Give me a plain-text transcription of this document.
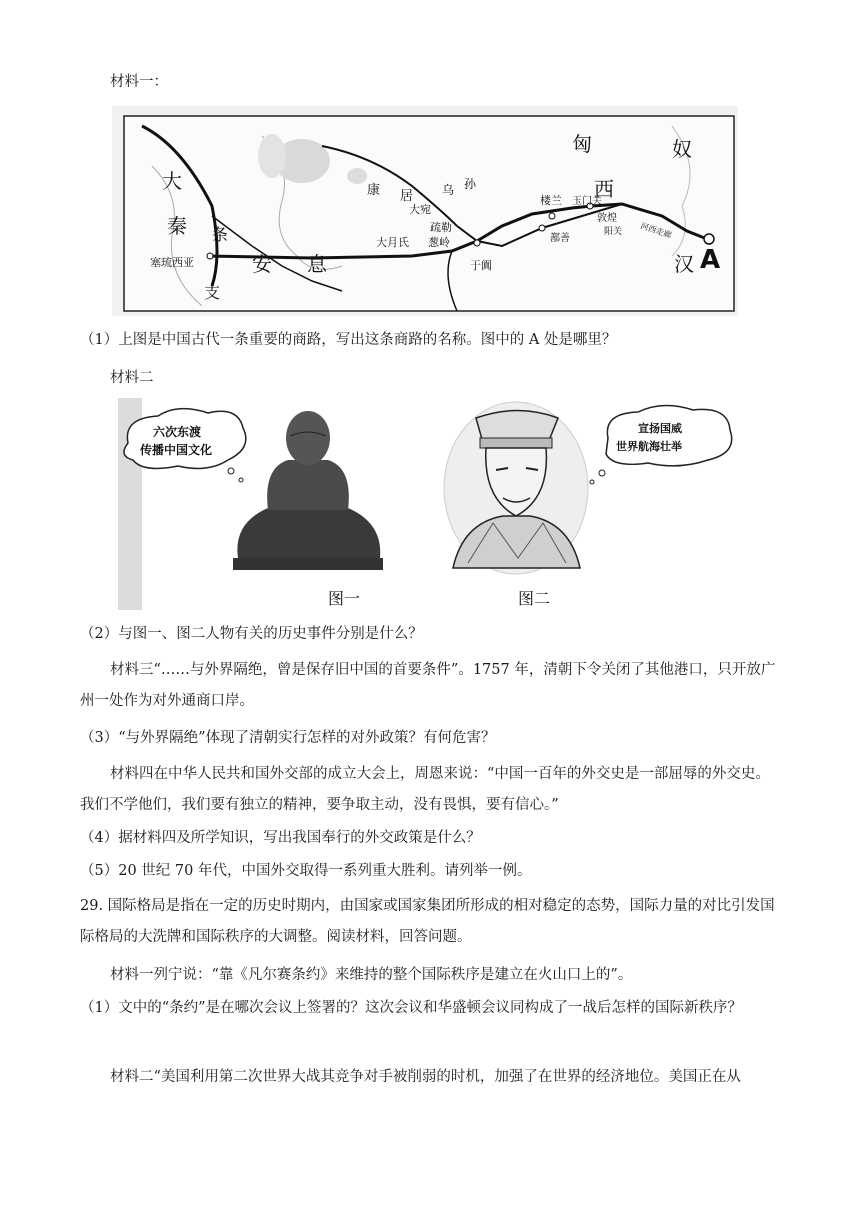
材料一：
大
秦 条
支
塞琉西亚	安 息
康 居 乌 孙
大宛
疏勒
大月氏 葱岭
于阗
楼兰 玉门关
敦煌
阳关
鄯善	河西走廊
匈	奴
西
汉 A
（1）上图是中国古代一条重要的商路，写出这条商路的名称。图中的 A 处是哪里？
材料二
六次东渡
传播中国文化
宣扬国威
世界航海壮举
图一	图二
（2）与图一、图二人物有关的历史事件分别是什么？
材料三“……与外界隔绝，曾是保存旧中国的首要条件”。1757 年，清朝下令关闭了其他港口，只开放广州一处作为对外通商口岸。
（3）“与外界隔绝”体现了清朝实行怎样的对外政策？有何危害？
材料四在中华人民共和国外交部的成立大会上，周恩来说：“中国一百年的外交史是一部屈辱的外交史。我们不学他们，我们要有独立的精神，要争取主动，没有畏惧，要有信心。”
（4）据材料四及所学知识，写出我国奉行的外交政策是什么？
（5）20 世纪 70 年代，中国外交取得一系列重大胜利。请列举一例。
29. 国际格局是指在一定的历史时期内，由国家或国家集团所形成的相对稳定的态势，国际力量的对比引发国际格局的大洗牌和国际秩序的大调整。阅读材料，回答问题。
材料一列宁说：“靠《凡尔赛条约》来维持的整个国际秩序是建立在火山口上的”。
（1）文中的“条约”是在哪次会议上签署的？这次会议和华盛顿会议同构成了一战后怎样的国际新秩序？
材料二“美国利用第二次世界大战其竞争对手被削弱的时机，加强了在世界的经济地位。美国正在从
